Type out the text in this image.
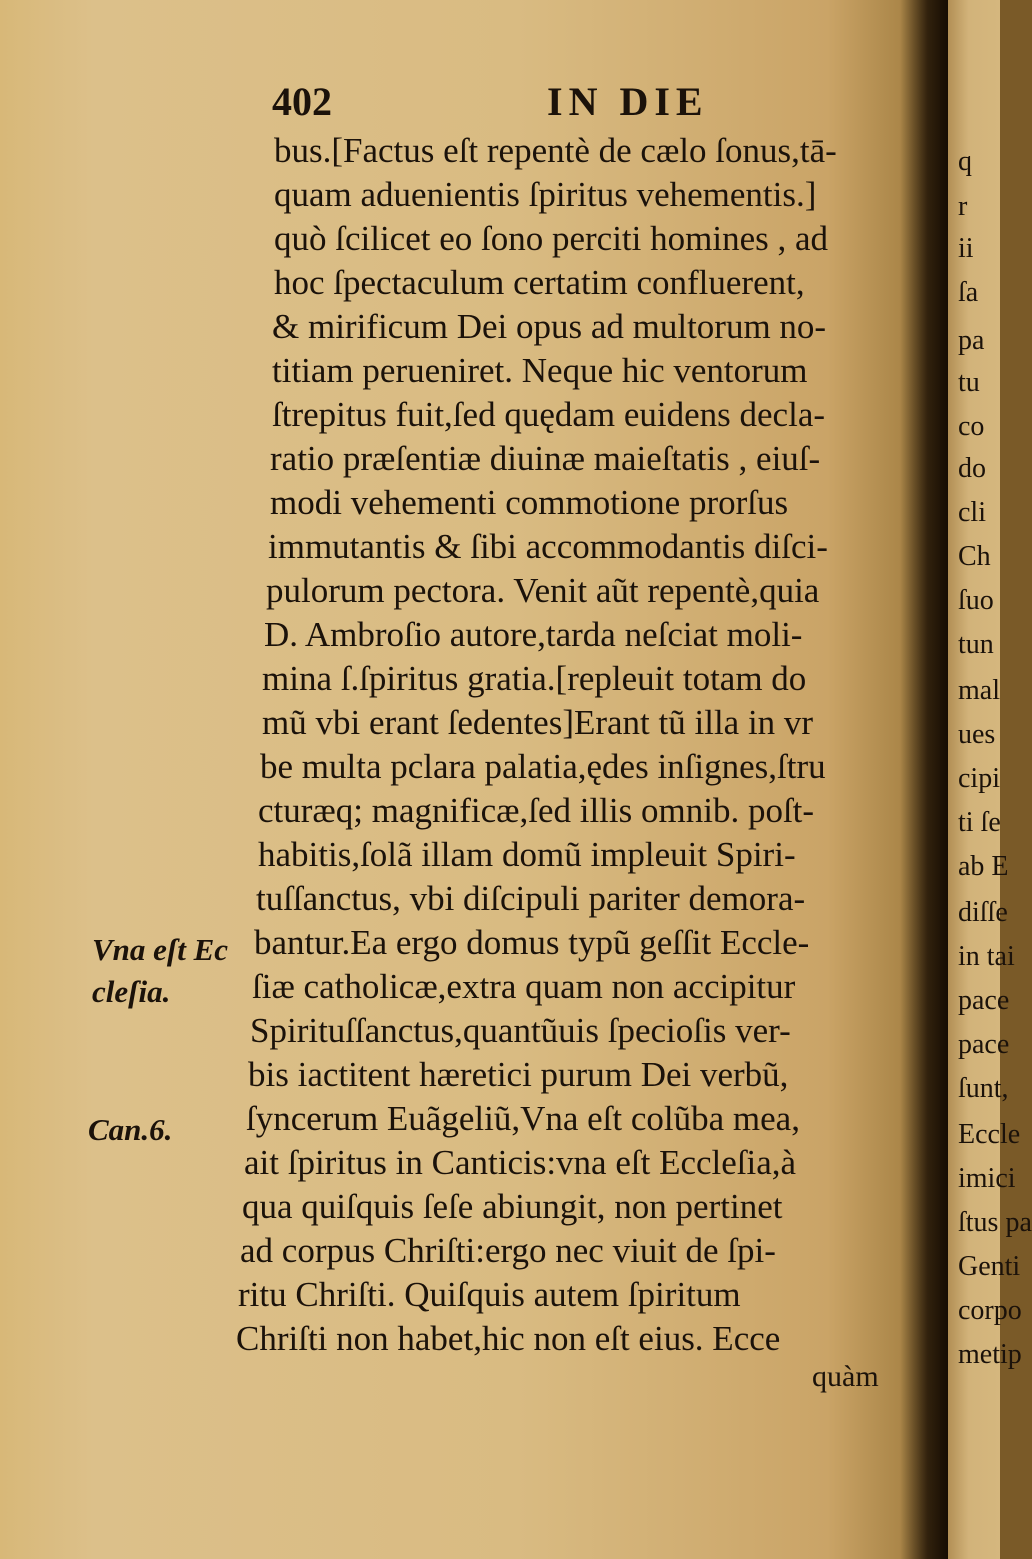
402	IN DIE
bus.[Factus eſt repentè de cælo ſonus,tā-
quam aduenientis ſpiritus vehementis.]
quò ſcilicet eo ſono perciti homines , ad
hoc ſpectaculum certatim confluerent,
& mirificum Dei opus ad multorum no-
titiam perueniret. Neque hic ventorum
ſtrepitus fuit,ſed quędam euidens decla-
ratio præſentiæ diuinæ maieſtatis , eiuſ-
modi vehementi commotione prorſus
immutantis & ſibi accommodantis diſci-
pulorum pectora. Venit aũt repentè,quia
D. Ambroſio autore,tarda neſciat moli-
mina ſ.ſpiritus gratia.[repleuit totam do
mũ vbi erant ſedentes]Erant tũ illa in vr
be multa pclara palatia,ędes inſignes,ſtru
cturæq; magnificæ,ſed illis omnib. poſt-
habitis,ſolã illam domũ impleuit Spiri-
tuſſanctus, vbi diſcipuli pariter demora-
bantur.Ea ergo domus typũ geſſit Eccle-
ſiæ catholicæ,extra quam non accipitur
Spirituſſanctus,quantũuis ſpecioſis ver-
bis iactitent hæretici purum Dei verbũ,
ſyncerum Euãgeliũ,Vna eſt colũba mea,
ait ſpiritus in Canticis:vna eſt Eccleſia,à
qua quiſquis ſeſe abiungit, non pertinet
ad corpus Chriſti:ergo nec viuit de ſpi-
ritu Chriſti. Quiſquis autem ſpiritum
Chriſti non habet,hic non eſt eius. Ecce
quàm
Vna eſt Ec
cleſia.
Can.6.
q
r
ii
ſa
pa
tu
co
do
cli
Ch
ſuo
tun
mal
ues
cipi
ti ſe
ab E
diſſe
in tai
pace
pace
ſunt,
Eccle
imici
ſtus pa
Genti
corpo
metip
